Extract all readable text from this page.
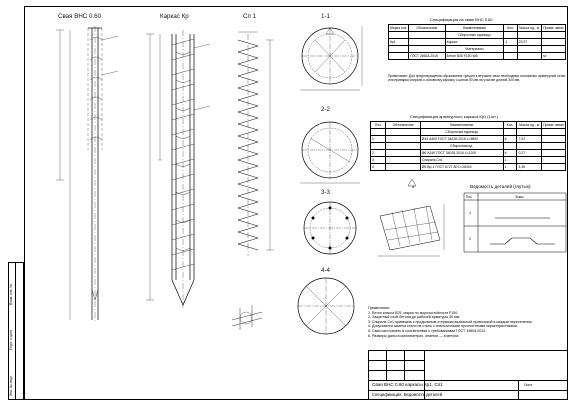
Инв. № подл.
Подп. и дата
Взам. инв. №
Свая ВНС 0.60	Каркас Кр	Сп 1	1-1
2-2
3-3
4-4
А
Спецификация на сваю ВНС 0.60
Марка поз.	Обозначение	Наименование	Кол.	Масса ед., кг	Приме-чание
		Сборочные единицы			
Кр1		Каркас	1	23,97	
		Материалы			
	ГОСТ 26633-2015	Бетон В25 F150 W6			м³
Примечание: Для предотвращения образования трещин в вершине сваи необходимо наложение арматурной сетки или приварка спирали к основному каркасу с шагом 50 мм на участке длиной 300 мм.
Спецификация арматурного каркаса Кр1 (1шт.)
Поз.	Обозначение	Наименование	Кол.	Масса ед., кг	Приме-чание
		Сборочные единицы			
1		Ø14 А400 ГОСТ 34028-2016 L=5800	6	7,02	
		Сборочная ед.			
2		Ø6 А240 ГОСТ 34028-2016 L=1200	6	0,27	
3		Спираль Сп1	1		
4		Ø5 Вр-1 ГОСТ 6727-80 L=28300	1	4,35	
Ведомость деталей (гнутых)
Поз.	Эскиз
1
2
Примечания:
1. Бетон класса В25, марка по морозостойкости F150.
2. Защитный слой бетона до рабочей арматуры 30 мм.
3. Спираль Сп1 привязать к продольным стержням вязальной проволокой в каждом пересечении.
4. Допускается замена стали на сталь с аналогичными прочностными характеристиками.
5. Сваи изготовлять в соответствии с требованиями ГОСТ 19804-2012.
6. Размеры даны в миллиметрах, отметки — в метрах.
Свая ВНС 0.60 каркасы Кр1, Сп1
Спецификация. Ведомость деталей
Лист
